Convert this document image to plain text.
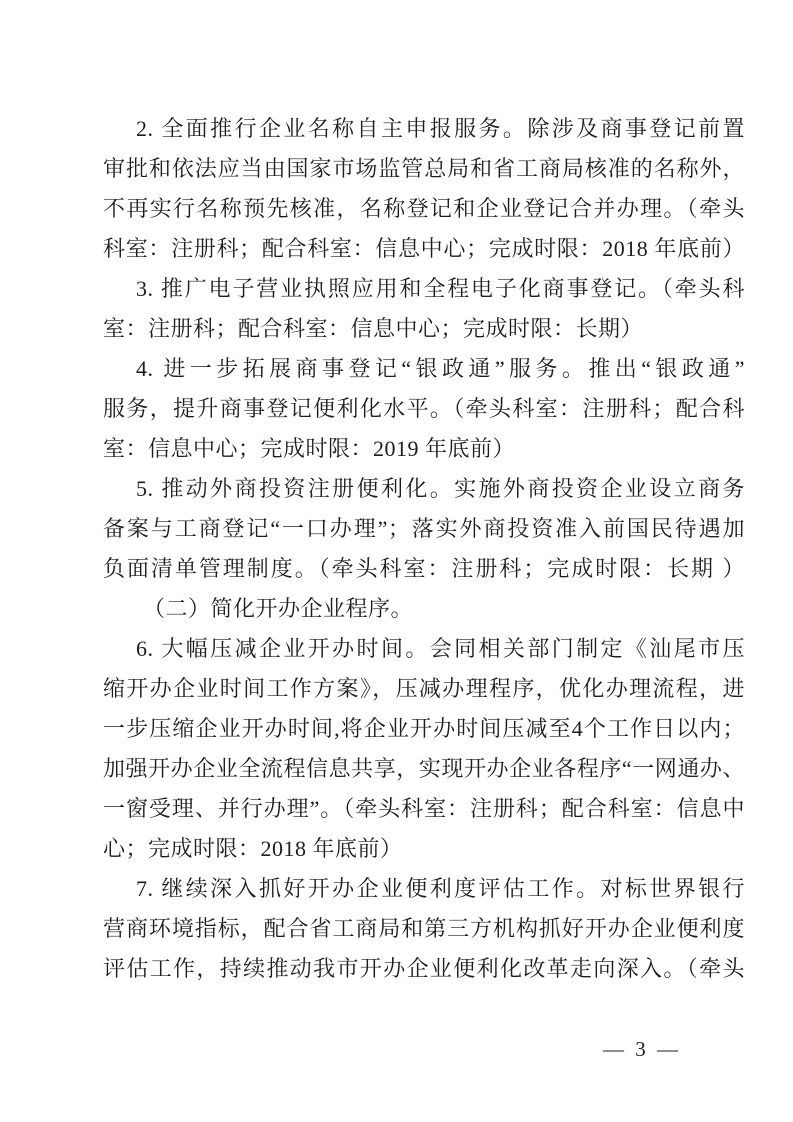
2. 全面推行企业名称自主申报服务。除涉及商事登记前置
审批和依法应当由国家市场监管总局和省工商局核准的名称外，
不再实行名称预先核准，名称登记和企业登记合并办理。（牵头
科室：注册科；配合科室：信息中心；完成时限：2018 年底前）
3. 推广电子营业执照应用和全程电子化商事登记。（牵头科
室：注册科；配合科室：信息中心；完成时限：长期）
4. 进一步拓展商事登记“银政通”服务。推出“银政通”
服务，提升商事登记便利化水平。（牵头科室：注册科；配合科
室：信息中心；完成时限：2019 年底前）
5. 推动外商投资注册便利化。实施外商投资企业设立商务
备案与工商登记“一口办理”；落实外商投资准入前国民待遇加
负面清单管理制度。（牵头科室：注册科；完成时限：长期 ）
（二）简化开办企业程序。
6. 大幅压减企业开办时间。会同相关部门制定《汕尾市压
缩开办企业时间工作方案》，压减办理程序，优化办理流程，进
一步压缩企业开办时间,将企业开办时间压减至4个工作日以内；
加强开办企业全流程信息共享，实现开办企业各程序“一网通办、
一窗受理、并行办理”。（牵头科室：注册科；配合科室：信息中
心；完成时限：2018 年底前）
7. 继续深入抓好开办企业便利度评估工作。对标世界银行
营商环境指标，配合省工商局和第三方机构抓好开办企业便利度
评估工作，持续推动我市开办企业便利化改革走向深入。（牵头
— 3 —
